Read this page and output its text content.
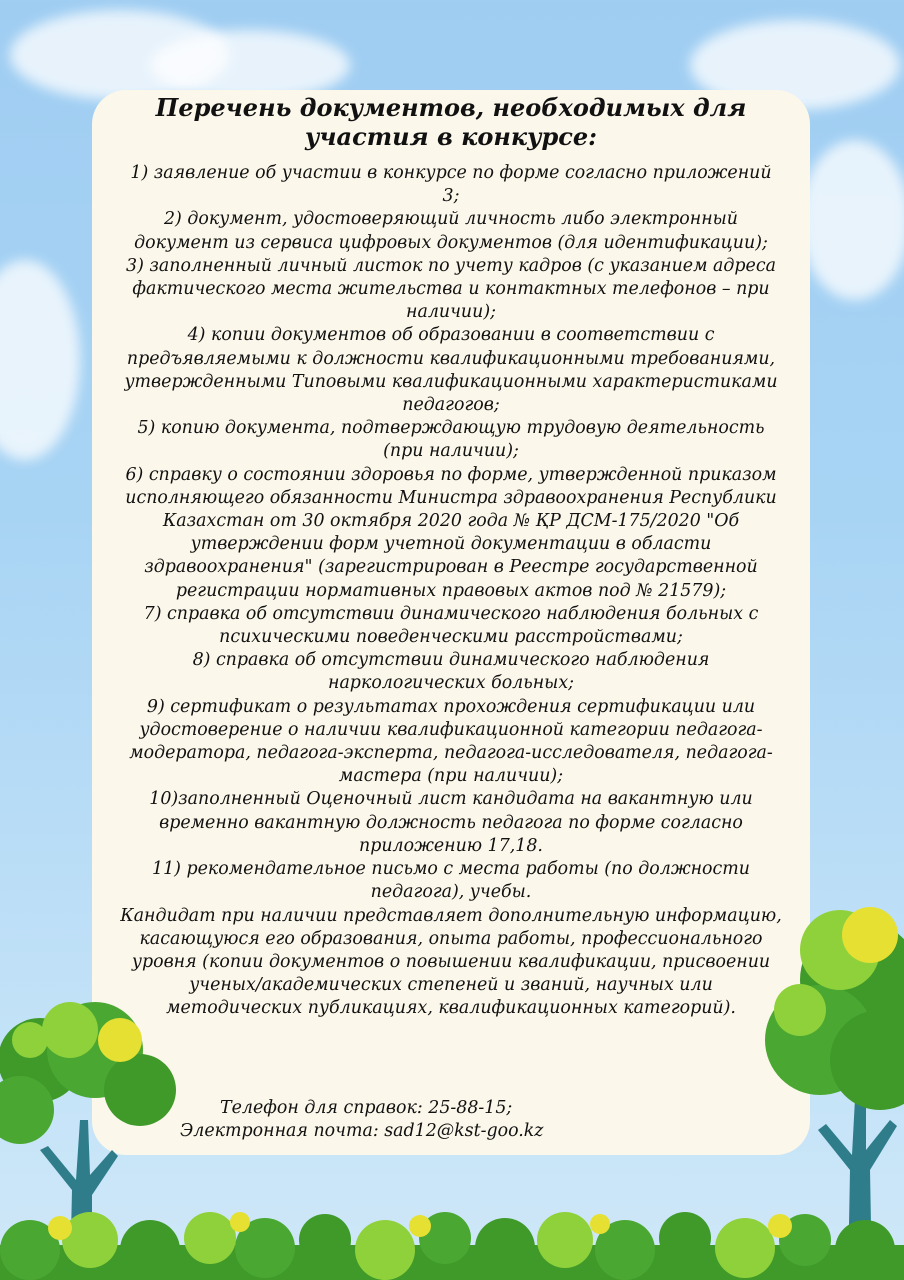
Перечень документов, необходимых для участия в конкурсе:

1) заявление об участии в конкурсе по форме согласно приложений 3;

2) документ, удостоверяющий личность либо электронный документ из сервиса цифровых документов (для идентификации);

3) заполненный личный листок по учету кадров (с указанием адреса фактического места жительства и контактных телефонов – при наличии);

4) копии документов об образовании в соответствии с предъявляемыми к должности квалификационными требованиями, утвержденными Типовыми квалификационными характеристиками педагогов;

5) копию документа, подтверждающую трудовую деятельность (при наличии);

6) справку о состоянии здоровья по форме, утвержденной приказом исполняющего обязанности Министра здравоохранения Республики Казахстан от 30 октября 2020 года № ҚР ДСМ-175/2020 "Об утверждении форм учетной документации в области здравоохранения" (зарегистрирован в Реестре государственной регистрации нормативных правовых актов под № 21579);

7) справка об отсутствии динамического наблюдения больных с психическими поведенческими расстройствами;

8) справка об отсутствии динамического наблюдения наркологических больных;

9) сертификат о результатах прохождения сертификации или удостоверение о наличии квалификационной категории педагога-модератора, педагога-эксперта, педагога-исследователя, педагога-мастера (при наличии);

10)заполненный Оценочный лист кандидата на вакантную или временно вакантную должность педагога по форме согласно приложению 17,18.

11) рекомендательное письмо с места работы (по должности педагога), учебы.

Кандидат при наличии представляет дополнительную информацию, касающуюся его образования, опыта работы, профессионального уровня (копии документов о повышении квалификации, присвоении ученых/академических степеней и званий, научных или методических публикациях, квалификационных категорий).

Телефон для справок: 25-88-15;

Электронная почта: sad12@kst-goo.kz
